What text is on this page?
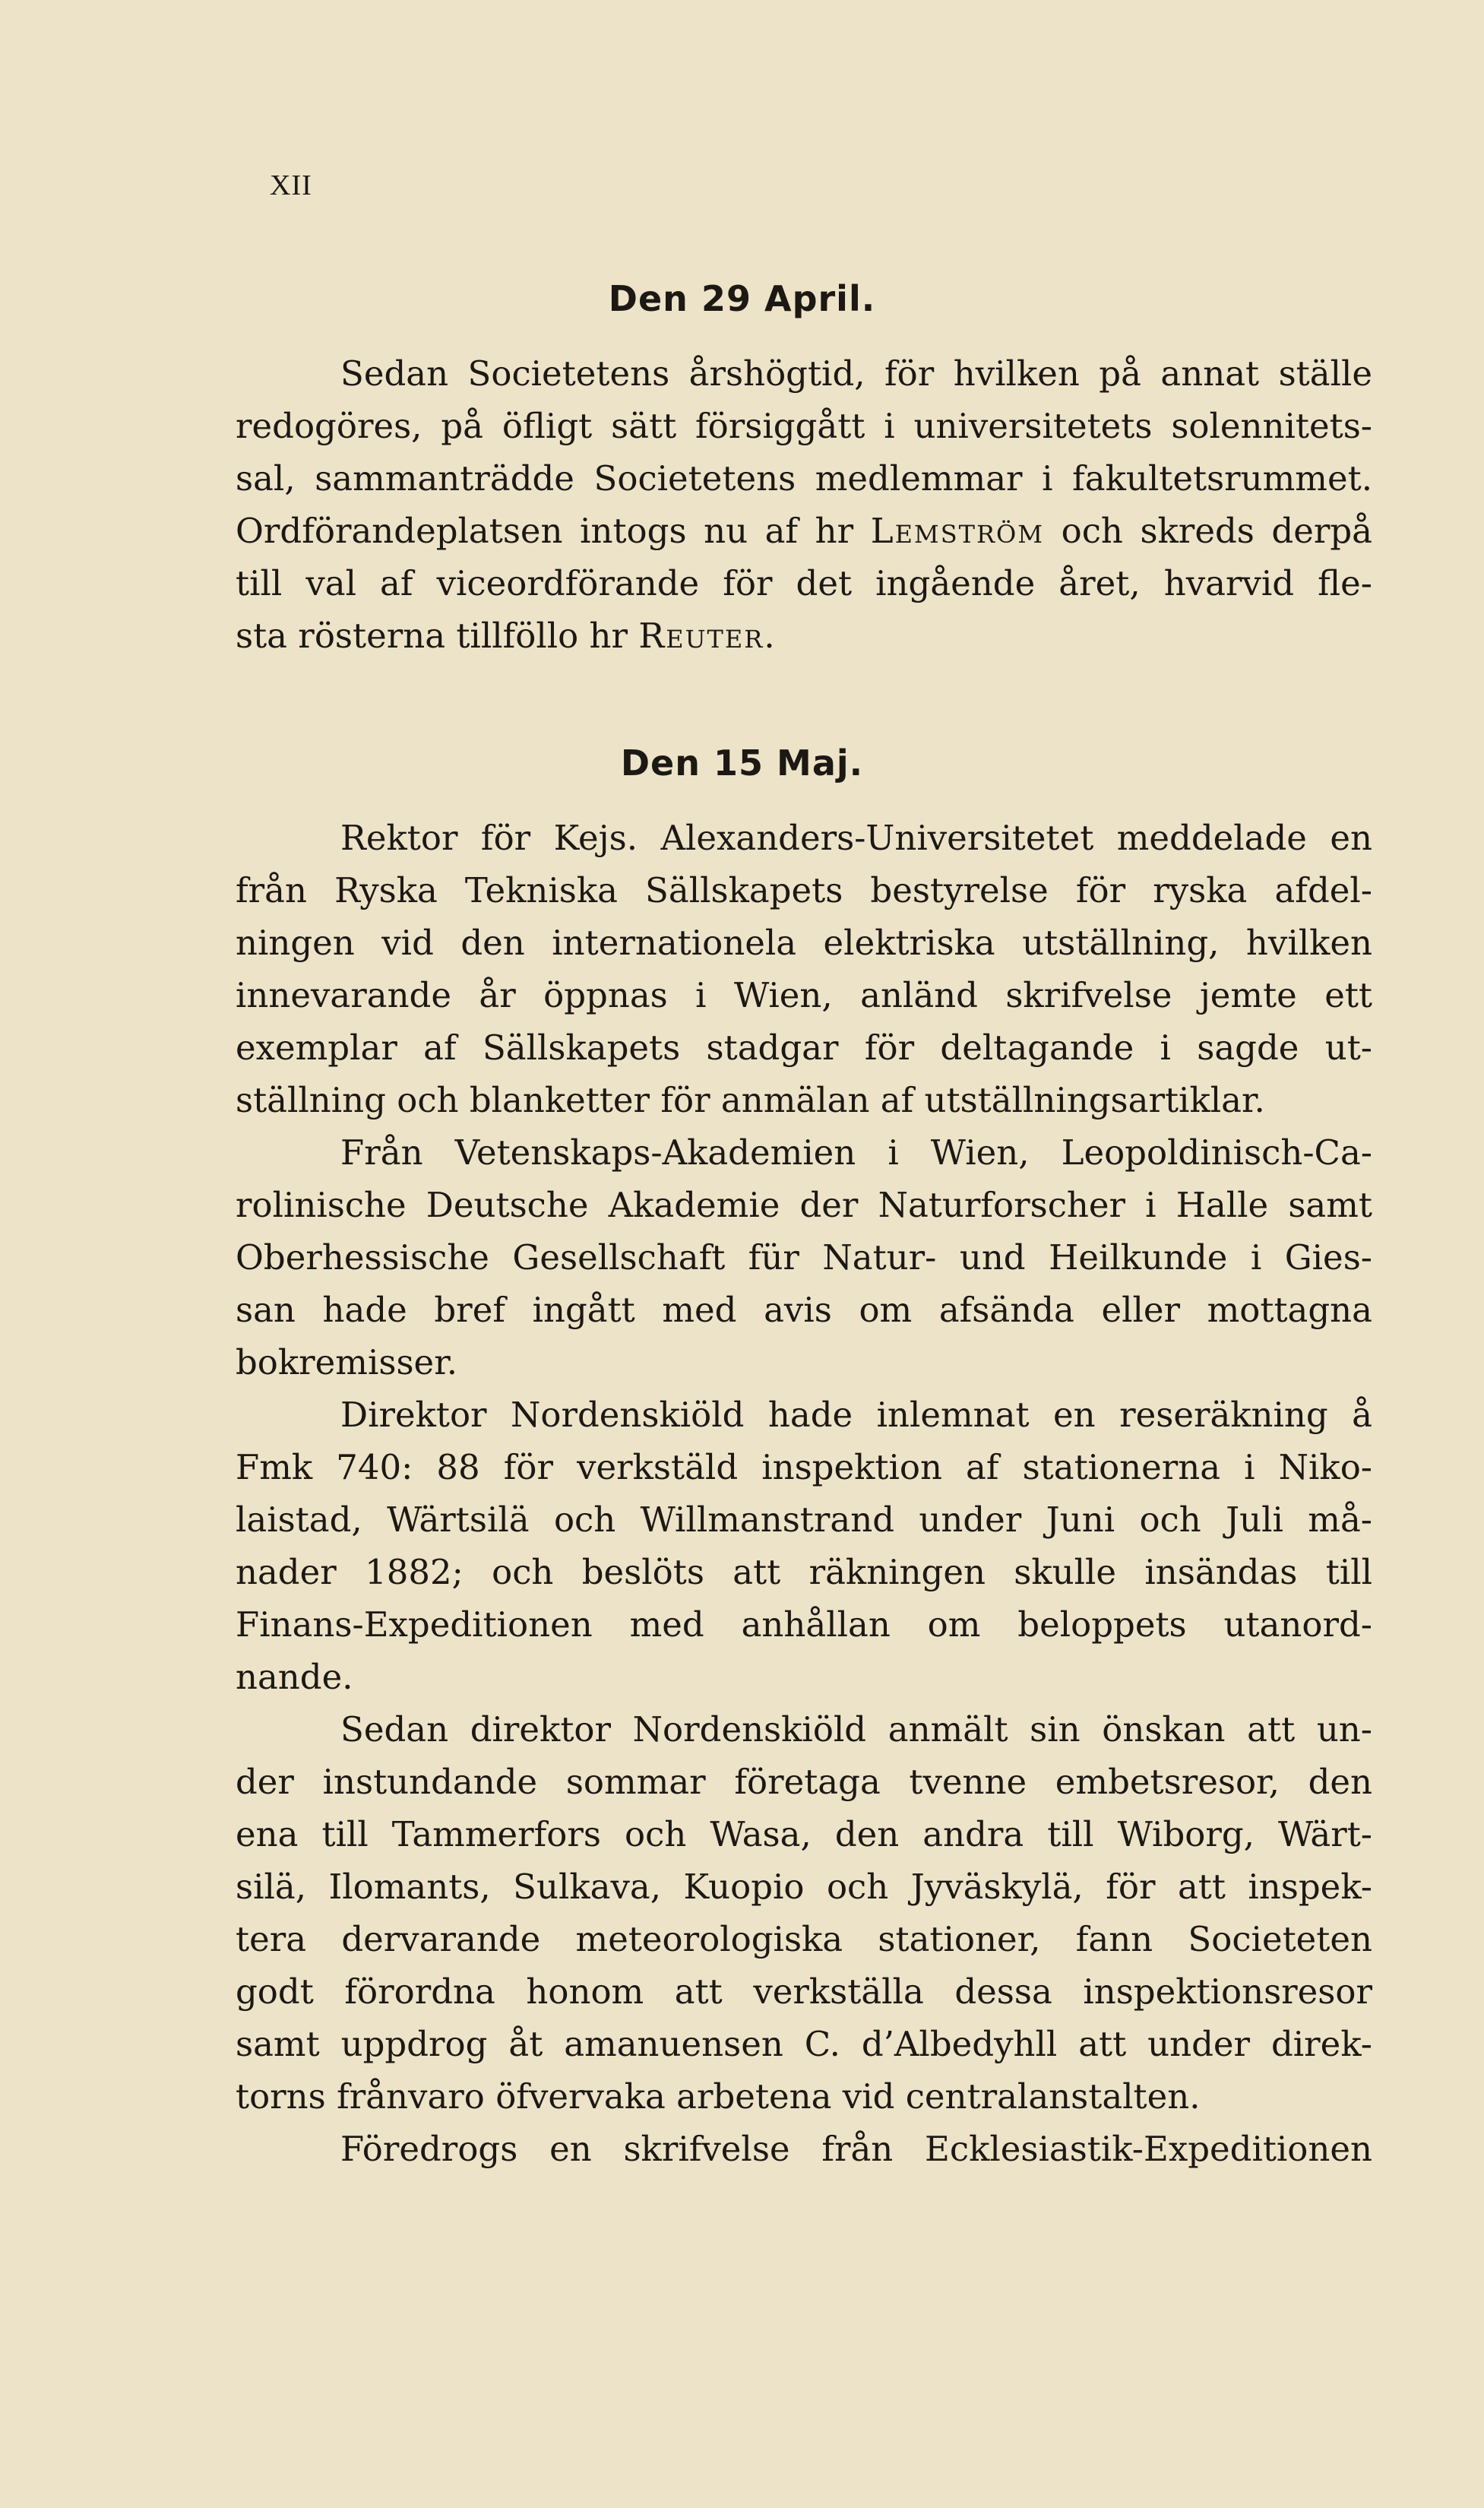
XII
Den 29 April.
Sedan Societetens årshögtid, för hvilken på annat ställe
redogöres, på öfligt sätt försiggått i universitetets solennitets-
sal, sammanträdde Societetens medlemmar i fakultetsrummet.
Ordförandeplatsen intogs nu af hr Lemström och skreds derpå
till val af viceordförande för det ingående året, hvarvid fle-
sta rösterna tillföllo hr Reuter.
Den 15 Maj.
Rektor för Kejs. Alexanders-Universitetet meddelade en
från Ryska Tekniska Sällskapets bestyrelse för ryska afdel-
ningen vid den internationela elektriska utställning, hvilken
innevarande år öppnas i Wien, anländ skrifvelse jemte ett
exemplar af Sällskapets stadgar för deltagande i sagde ut-
ställning och blanketter för anmälan af utställningsartiklar.
Från Vetenskaps-Akademien i Wien, Leopoldinisch-Ca-
rolinische Deutsche Akademie der Naturforscher i Halle samt
Oberhessische Gesellschaft für Natur- und Heilkunde i Gies-
san hade bref ingått med avis om afsända eller mottagna
bokremisser.
Direktor Nordenskiöld hade inlemnat en reseräkning å
Fmk 740: 88 för verkstäld inspektion af stationerna i Niko-
laistad, Wärtsilä och Willmanstrand under Juni och Juli må-
nader 1882; och beslöts att räkningen skulle insändas till
Finans-Expeditionen med anhållan om beloppets utanord-
nande.
Sedan direktor Nordenskiöld anmält sin önskan att un-
der instundande sommar företaga tvenne embetsresor, den
ena till Tammerfors och Wasa, den andra till Wiborg, Wärt-
silä, Ilomants, Sulkava, Kuopio och Jyväskylä, för att inspek-
tera dervarande meteorologiska stationer, fann Societeten
godt förordna honom att verkställa dessa inspektionsresor
samt uppdrog åt amanuensen C. d’Albedyhll att under direk-
torns frånvaro öfvervaka arbetena vid centralanstalten.
Föredrogs en skrifvelse från Ecklesiastik-Expeditionen
